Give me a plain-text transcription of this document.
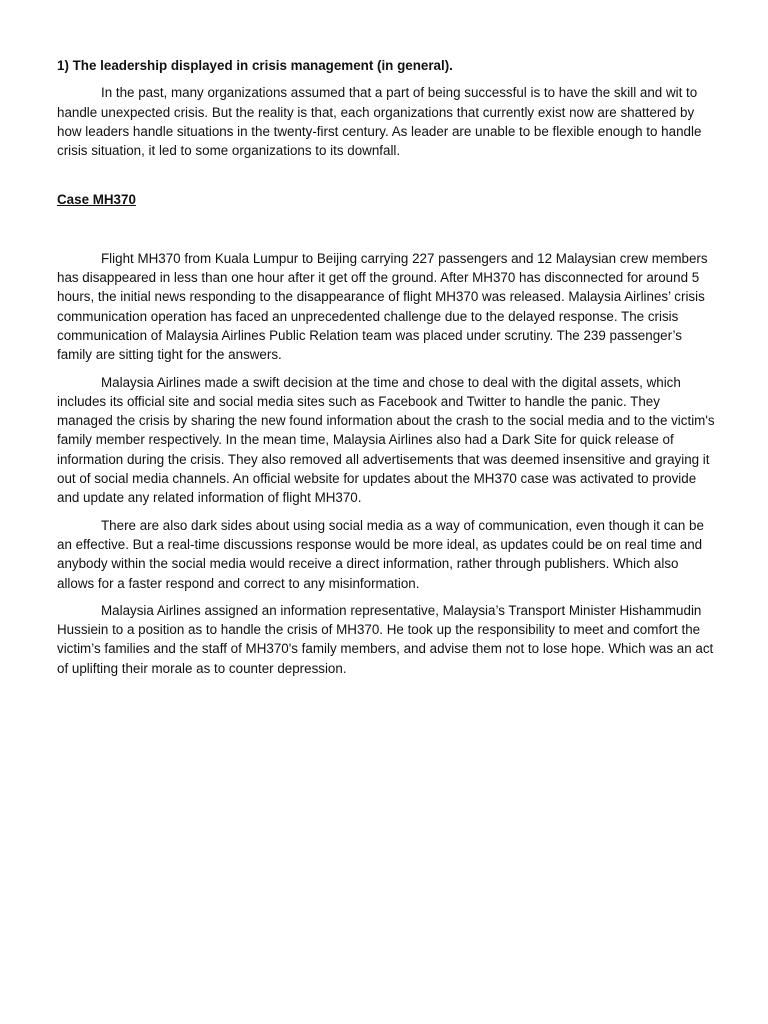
1) The leadership displayed in crisis management (in general).

In the past, many organizations assumed that a part of being successful is to have the skill and wit to handle unexpected crisis. But the reality is that, each organizations that currently exist now are shattered by how leaders handle situations in the twenty-first century. As leader are unable to be flexible enough to handle crisis situation, it led to some organizations to its downfall.

Case MH370

Flight MH370 from Kuala Lumpur to Beijing carrying 227 passengers and 12 Malaysian crew members has disappeared in less than one hour after it get off the ground. After MH370 has disconnected for around 5 hours, the initial news responding to the disappearance of flight MH370 was released. Malaysia Airlines’ crisis communication operation has faced an unprecedented challenge due to the delayed response. The crisis communication of Malaysia Airlines Public Relation team was placed under scrutiny. The 239 passenger’s family are sitting tight for the answers.

Malaysia Airlines made a swift decision at the time and chose to deal with the digital assets, which includes its official site and social media sites such as Facebook and Twitter to handle the panic. They managed the crisis by sharing the new found information about the crash to the social media and to the victim's family member respectively. In the mean time, Malaysia Airlines also had a Dark Site for quick release of information during the crisis. They also removed all advertisements that was deemed insensitive and graying it out of social media channels. An official website for updates about the MH370 case was activated to provide and update any related information of flight MH370.

There are also dark sides about using social media as a way of communication, even though it can be an effective. But a real-time discussions response would be more ideal, as updates could be on real time and anybody within the social media would receive a direct information, rather through publishers. Which also allows for a faster respond and correct to any misinformation.

Malaysia Airlines assigned an information representative, Malaysia’s Transport Minister Hishammudin Hussiein to a position as to handle the crisis of MH370. He took up the responsibility to meet and comfort the victim’s families and the staff of MH370's family members, and advise them not to lose hope. Which was an act of uplifting their morale as to counter depression.
